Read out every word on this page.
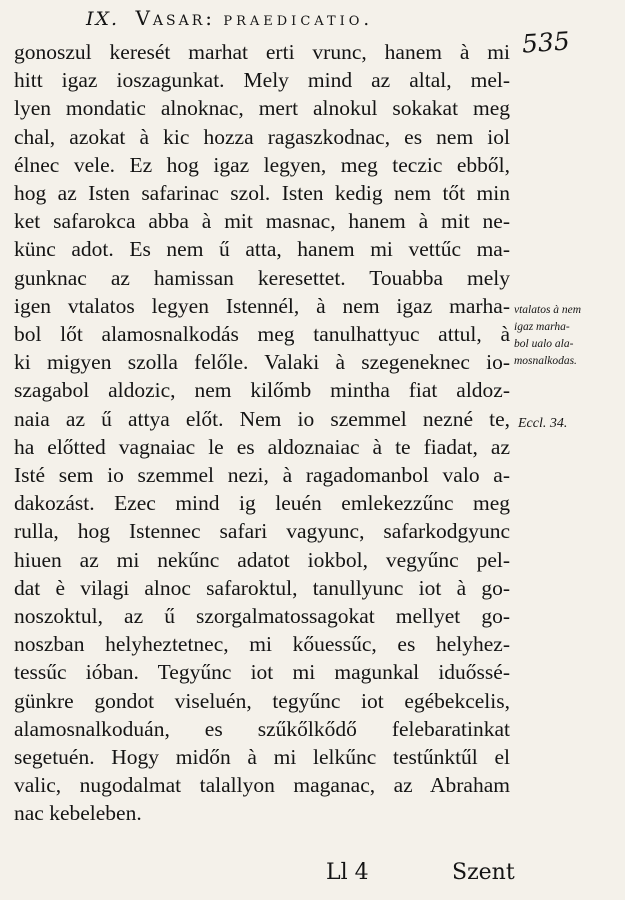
IX. Vasar: praedicatio.
535
gonoszul keresét marhat erti vrunc, hanem à mi
hitt igaz ioszagunkat. Mely mind az altal, mel-
lyen mondatic alnoknac, mert alnokul sokakat meg
chal, azokat à kic hozza ragaszkodnac, es nem iol
élnec vele. Ez hog igaz legyen, meg teczic ebből,
hog az Isten safarinac szol. Isten kedig nem tőt min
ket safarokca abba à mit masnac, hanem à mit ne-
künc adot. Es nem ű atta, hanem mi vettűc ma-
gunknac az hamissan keresettet. Touabba mely
igen vtalatos legyen Istennél, à nem igaz marha-
bol lőt alamosnalkodás meg tanulhattyuc attul, à
ki migyen szolla felőle. Valaki à szegeneknec io-
szagabol aldozic, nem kilőmb mintha fiat aldoz-
naia az ű attya előt. Nem io szemmel nezné te,
ha előtted vagnaiac le es aldoznaiac à te fiadat, az
Isté sem io szemmel nezi, à ragadomanbol valo a-
dakozást. Ezec mind ig leuén emlekezzűnc meg
rulla, hog Istennec safari vagyunc, safarkodgyunc
hiuen az mi nekűnc adatot iokbol, vegyűnc pel-
dat è vilagi alnoc safaroktul, tanullyunc iot à go-
noszoktul, az ű szorgalmatossagokat mellyet go-
noszban helyheztetnec, mi kőuessűc, es helyhez-
tessűc ióban. Tegyűnc iot mi magunkal iduőssé-
günkre gondot viseluén, tegyűnc iot egébekcelis,
alamosnalkoduán, es szűkőlkődő felebaratinkat
segetuén. Hogy midőn à mi lelkűnc testűnktűl el
valic, nugodalmat talallyon maganac, az Abraham
nac kebeleben.
vtalatos à nem
igaz marha-
bol ualo ala-
mosnalkodas.
Eccl. 34.
Ll 4	Szent
